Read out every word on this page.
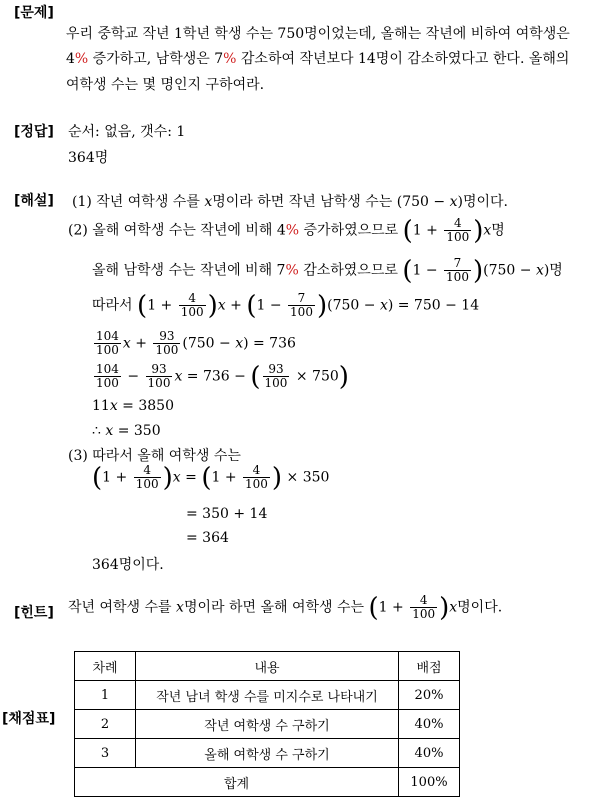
[문제]
[정답]
[해설]
[힌트]
[채점표]
우리 중학교 작년 1학년 학생 수는 750명이었는데, 올해는 작년에 비하여 여학생은
4% 증가하고, 남학생은 7% 감소하여 작년보다 14명이 감소하였다고 한다. 올해의
여학생 수는 몇 명인지 구하여라.
순서: 없음, 갯수: 1
364명
(1) 작년 여학생 수를 x명이라 하면 작년 남학생 수는 (750 − x)명이다.
(2) 올해 여학생 수는 작년에 비해 4% 증가하였으므로 $(1 + \frac{4}{100} )x$명
올해 남학생 수는 작년에 비해 7% 감소하였으므로 $(1 - \frac{7}{100} )(750 - x)$명
따라서 $(1 + \frac{4}{100} )x + (1 - \frac{7}{100} )(750 - x) = 750 - 14$
$\frac{104}{100}$ $x + \frac{93}{100} (750 - x) = 736$
$\frac{104}{100} - \frac{93}{100}$ x = 736 − ( $\frac{93}{100} \times 750$)
11x = 3850
∴ x = 350
(3) 따라서 올해 여학생 수는
$(1 + \frac{4}{100} )x = (1 + \frac{4}{100}$ ) × 350
= 350 + 14
= 364
364명이다.
작년 여학생 수를 x명이라 하면 올해 여학생 수는 $(1 + \frac{4}{100} )x$명이다.
차례	내용	배점
1	작년 남녀 학생 수를 미지수로 나타내기	20%
2	작년 여학생 수 구하기	40%
3	올해 여학생 수 구하기	40%
합계		100%
